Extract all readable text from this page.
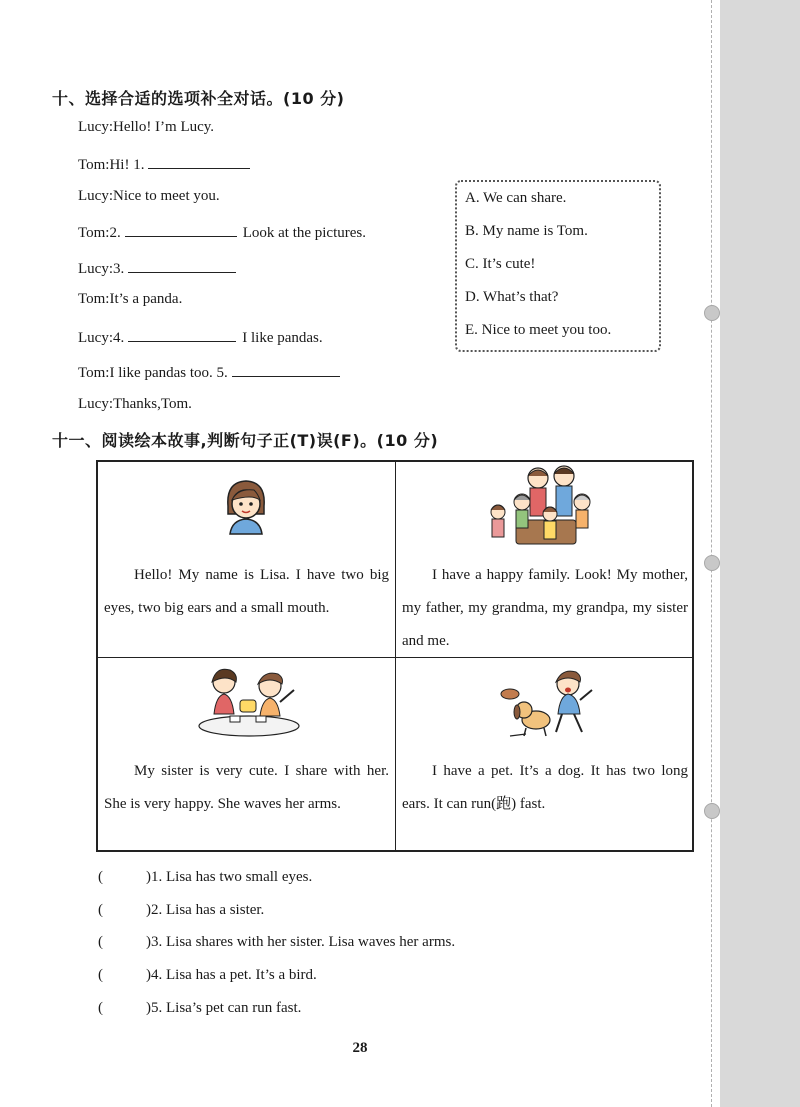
十、选择合适的选项补全对话。(10 分)
Lucy:Hello! I’m Lucy.
Tom:Hi! 1.
Lucy:Nice to meet you.
Tom:2.	Look at the pictures.
Lucy:3.
Tom:It’s a panda.
Lucy:4.	I like pandas.
Tom:I like pandas too. 5.
Lucy:Thanks,Tom.
A. We can share.
B. My name is Tom.
C. It’s cute!
D. What’s that?
E. Nice to meet you too.
十一、阅读绘本故事,判断句子正(T)误(F)。(10 分)
Hello! My name is Lisa. I have two big eyes, two big ears and a small mouth.
I have a happy family. Look! My mother, my father, my grandma, my grandpa, my sister and me.
My sister is very cute. I share with her. She is very happy. She waves her arms.
I have a pet. It’s a dog. It has two long ears. It can run(跑) fast.
(	)1. Lisa has two small eyes.
(	)2. Lisa has a sister.
(	)3. Lisa shares with her sister. Lisa waves her arms.
(	)4. Lisa has a pet. It’s a bird.
(	)5. Lisa’s pet can run fast.
28
